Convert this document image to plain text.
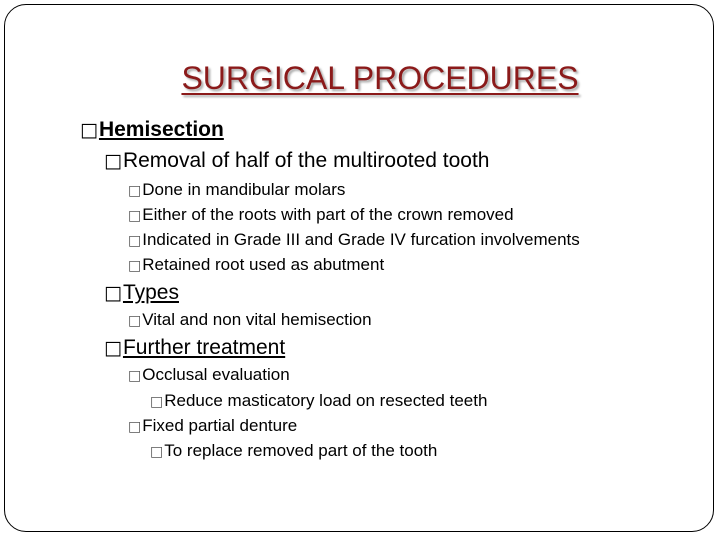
SURGICAL PROCEDURES
□ Hemisection
□ Removal of half of the multirooted tooth
□ Done in mandibular molars
□ Either of the roots with part of the crown removed
□ Indicated in Grade III and Grade IV furcation involvements
□ Retained root used as abutment
□ Types
□ Vital and non vital hemisection
□ Further treatment
□ Occlusal evaluation
□ Reduce masticatory load on resected teeth
□ Fixed partial denture
□ To replace removed part of the tooth
